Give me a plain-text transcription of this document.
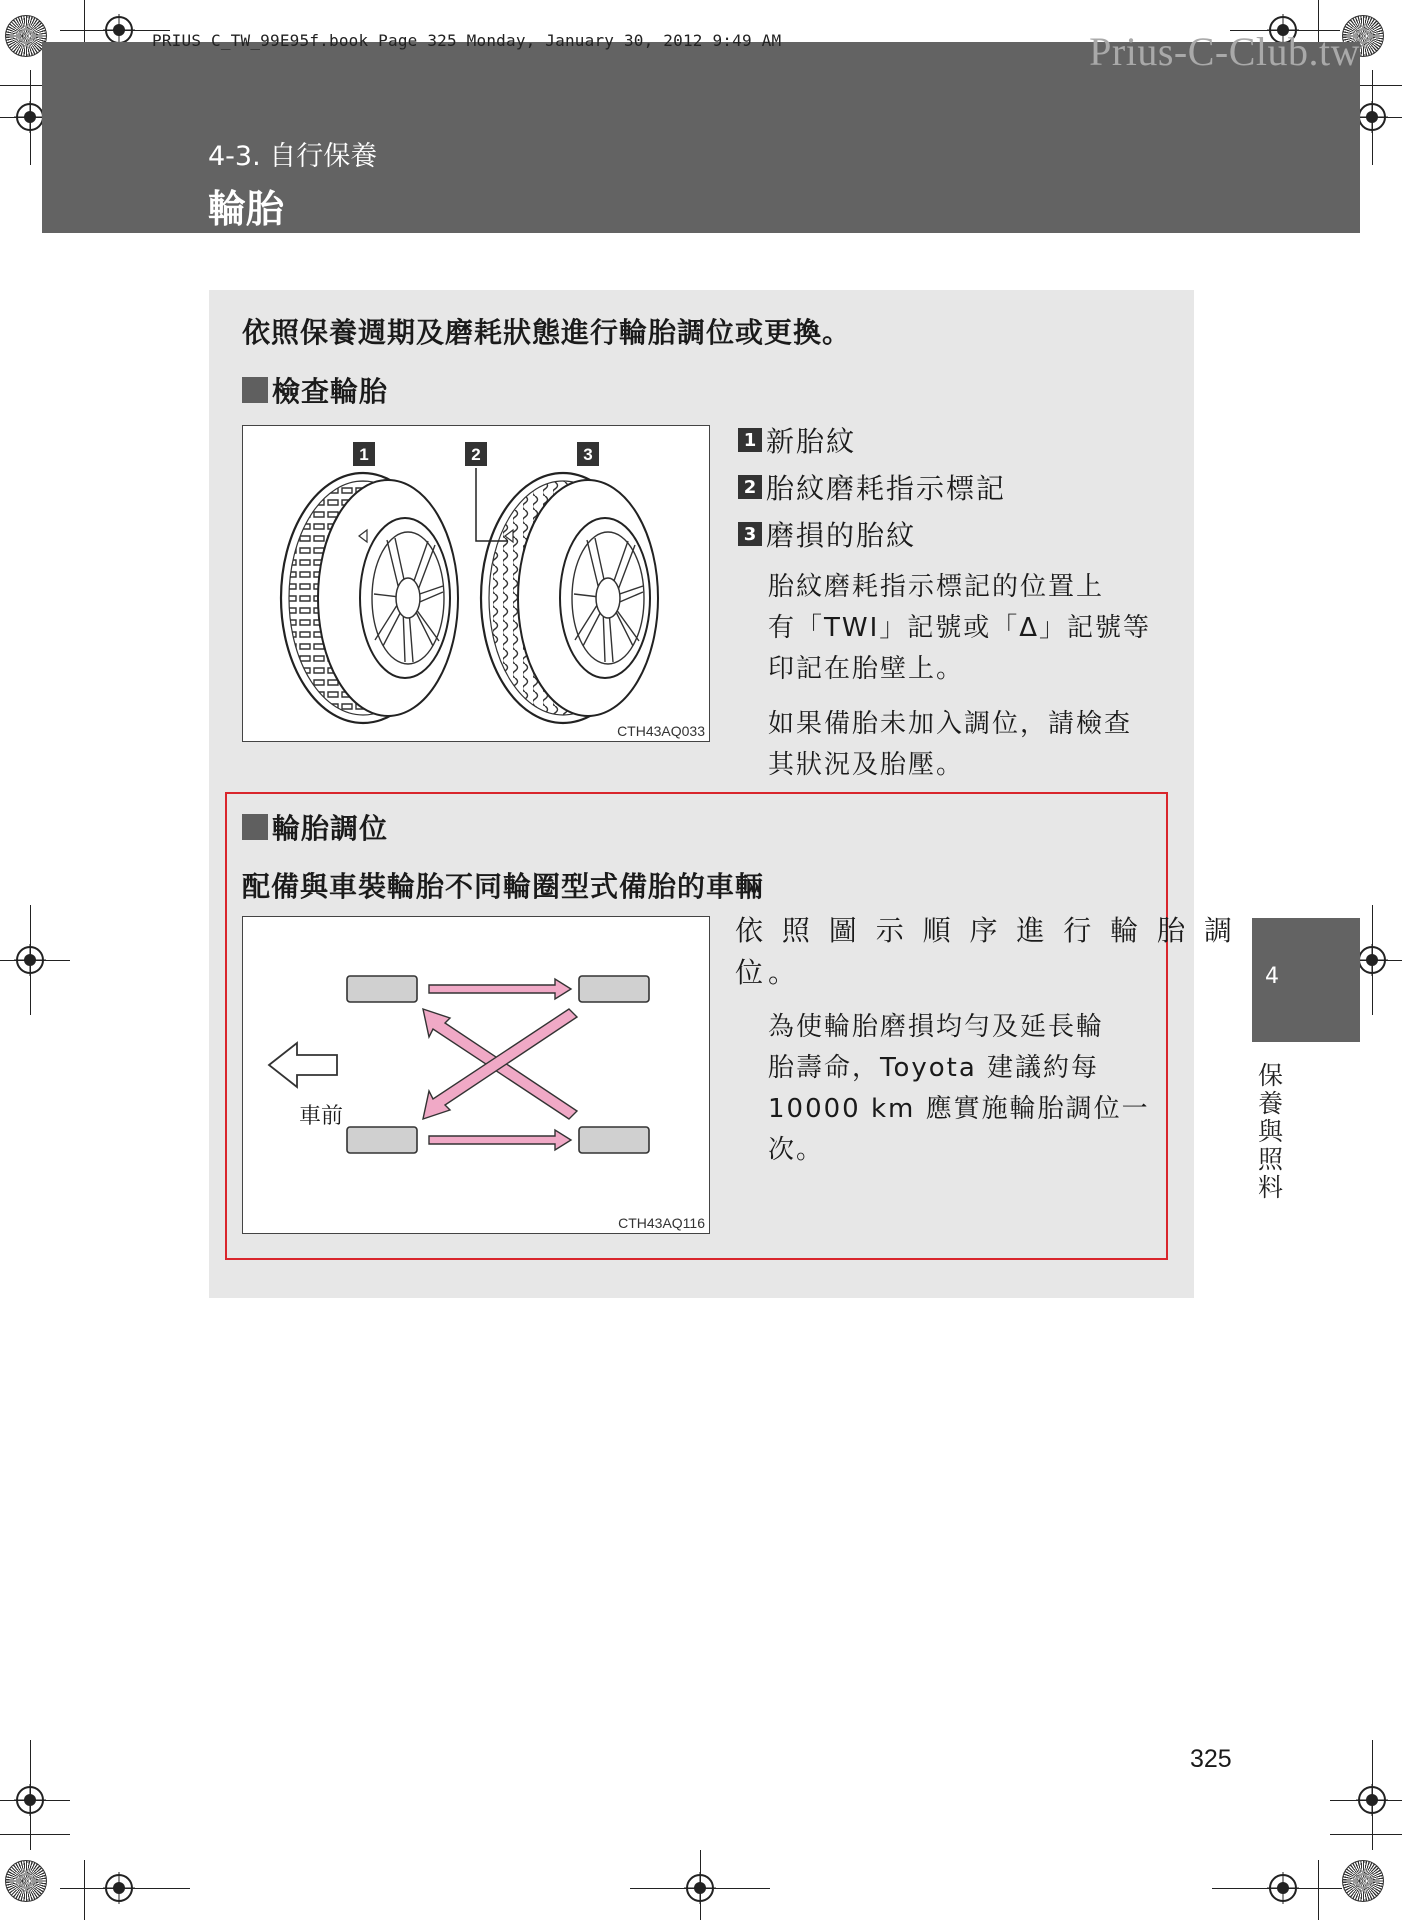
PRIUS C_TW_99E95f.book Page 325 Monday, January 30, 2012 9:49 AM	Prius-C-Club.tw
4-3. 自行保養
輪胎
依照保養週期及磨耗狀態進行輪胎調位或更換。
檢查輪胎
1	2	3
CTH43AQ033
1 新胎紋
2 胎紋磨耗指示標記
3 磨損的胎紋
胎紋磨耗指示標記的位置上
有「TWI」記號或「Δ」記號等
印記在胎壁上。
如果備胎未加入調位，請檢查
其狀況及胎壓。
輪胎調位
配備與車裝輪胎不同輪圈型式備胎的車輛
車前
CTH43AQ116
依 照 圖 示 順 序 進 行 輪 胎 調
位。
為使輪胎磨損均勻及延長輪
胎壽命，Toyota 建議約每
10000 km 應實施輪胎調位一
次。
4
保養與照料
325
